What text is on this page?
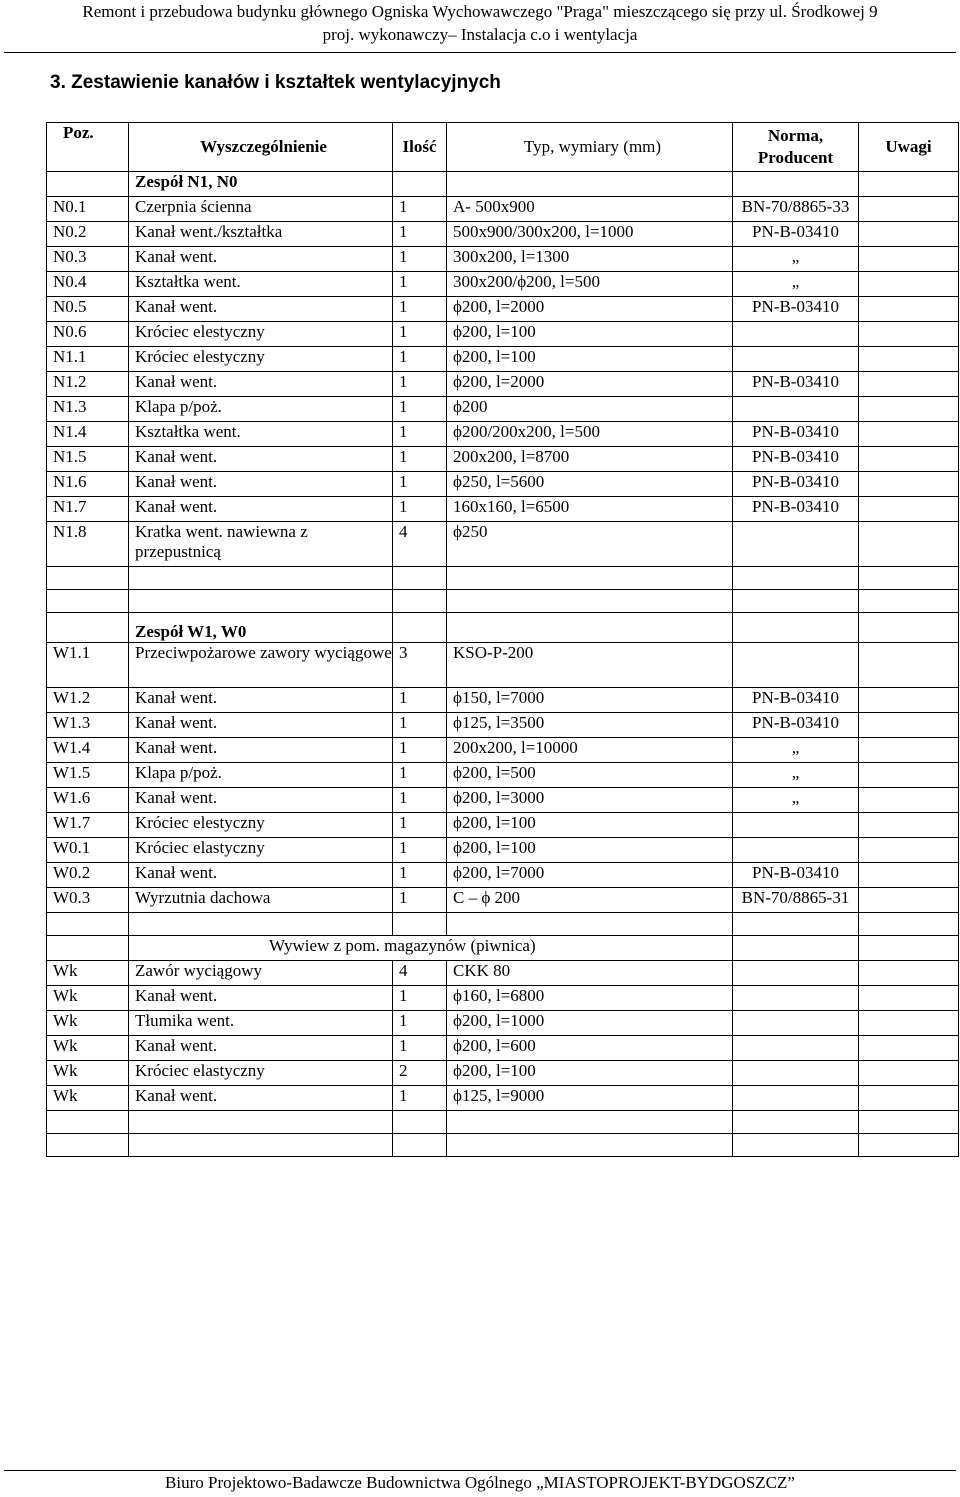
Remont i przebudowa budynku głównego Ogniska Wychowawczego "Praga" mieszczącego się przy ul. Środkowej 9
proj. wykonawczy– Instalacja c.o i wentylacja
3. Zestawienie kanałów i kształtek wentylacyjnych
Poz.	Wyszczególnienie	Ilość	Typ, wymiary (mm)	Norma, Producent	Uwagi
	Zespół N1, N0				
N0.1	Czerpnia ścienna	1	A- 500x900	BN-70/8865-33	
N0.2	Kanał went./kształtka	1	500x900/300x200, l=1000	PN-B-03410	
N0.3	Kanał went.	1	300x200, l=1300	„	
N0.4	Kształtka went.	1	300x200/ϕ200, l=500	„	
N0.5	Kanał went.	1	ϕ200, l=2000	PN-B-03410	
N0.6	Króciec elestyczny	1	ϕ200, l=100		
N1.1	Króciec elestyczny	1	ϕ200, l=100		
N1.2	Kanał went.	1	ϕ200, l=2000	PN-B-03410	
N1.3	Klapa p/poż.	1	ϕ200		
N1.4	Kształtka went.	1	ϕ200/200x200, l=500	PN-B-03410	
N1.5	Kanał went.	1	200x200, l=8700	PN-B-03410	
N1.6	Kanał went.	1	ϕ250, l=5600	PN-B-03410	
N1.7	Kanał went.	1	160x160, l=6500	PN-B-03410	
N1.8	Kratka went. nawiewna z przepustnicą	4	ϕ250		

	Zespół W1, W0				
W1.1	Przeciwpożarowe zawory wyciągowe	3	KSO-P-200		
W1.2	Kanał went.	1	ϕ150, l=7000	PN-B-03410	
W1.3	Kanał went.	1	ϕ125, l=3500	PN-B-03410	
W1.4	Kanał went.	1	200x200, l=10000	„	
W1.5	Klapa p/poż.	1	ϕ200, l=500	„	
W1.6	Kanał went.	1	ϕ200, l=3000	„	
W1.7	Króciec elestyczny	1	ϕ200, l=100		
W0.1	Króciec elastyczny	1	ϕ200, l=100		
W0.2	Kanał went.	1	ϕ200, l=7000	PN-B-03410	
W0.3	Wyrzutnia dachowa	1	C – ϕ 200	BN-70/8865-31	

	Wywiew z pom. magazynów (piwnica)				
Wk	Zawór wyciągowy	4	CKK 80		
Wk	Kanał went.	1	ϕ160, l=6800		
Wk	Tłumika went.	1	ϕ200, l=1000		
Wk	Kanał went.	1	ϕ200, l=600		
Wk	Króciec elastyczny	2	ϕ200, l=100		
Wk	Kanał went.	1	ϕ125, l=9000		

Biuro Projektowo-Badawcze Budownictwa Ogólnego „MIASTOPROJEKT-BYDGOSZCZ”
